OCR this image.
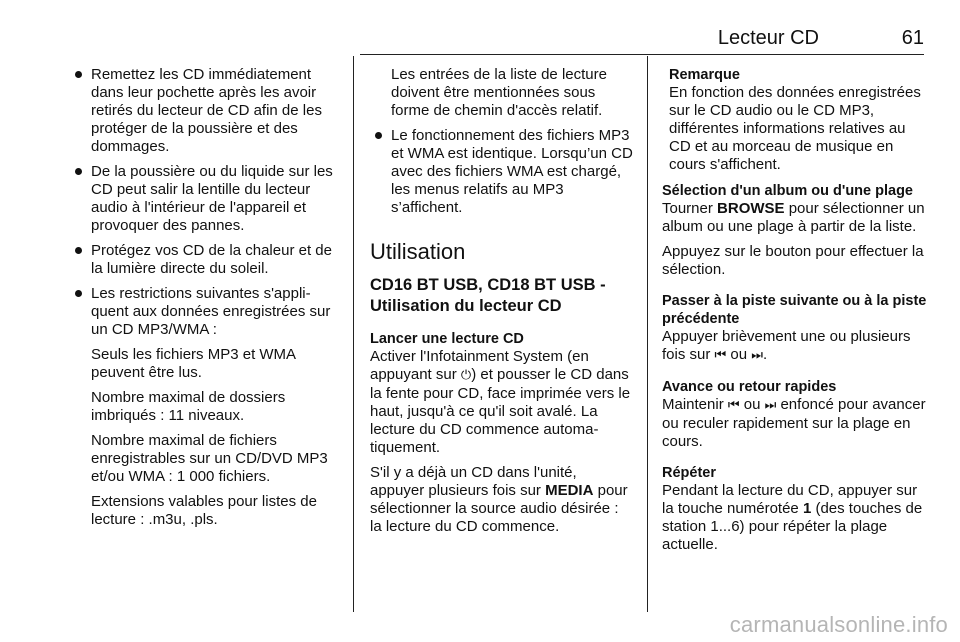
Lecteur CD	61
Remettez les CD immédiatement dans leur pochette après les avoir retirés du lecteur de CD afin de les protéger de la poussière et des dommages.
De la poussière ou du liquide sur les CD peut salir la lentille du lecteur audio à l'intérieur de l'appareil et provoquer des pannes.
Protégez vos CD de la chaleur et de la lumière directe du soleil.
Les restrictions suivantes s'appliquent aux données enregistrées sur un CD MP3/WMA :
Seuls les fichiers MP3 et WMA peuvent être lus.
Nombre maximal de dossiers imbriqués : 11 niveaux.
Nombre maximal de fichiers enregistrables sur un CD/DVD MP3 et/ou WMA : 1 000 fichiers.
Extensions valables pour listes de lecture : .m3u, .pls.
Les entrées de la liste de lecture doivent être mentionnées sous forme de chemin d'accès relatif.
Le fonctionnement des fichiers MP3 et WMA est identique. Lorsqu’un CD avec des fichiers WMA est chargé, les menus relatifs au MP3 s’affichent.
Utilisation
CD16 BT USB, CD18 BT USB - Utilisation du lecteur CD
Lancer une lecture CD
Activer l'Infotainment System (en appuyant sur ⏻) et pousser le CD dans la fente pour CD, face imprimée vers le haut, jusqu'à ce qu'il soit avalé. La lecture du CD commence automatiquement.
S'il y a déjà un CD dans l'unité, appuyer plusieurs fois sur MEDIA pour sélectionner la source audio désirée : la lecture du CD commence.
Remarque
En fonction des données enregistrées sur le CD audio ou le CD MP3, différentes informations relatives au CD et au morceau de musique en cours s'affichent.
Sélection d'un album ou d'une plage
Tourner BROWSE pour sélectionner un album ou une plage à partir de la liste.
Appuyez sur le bouton pour effectuer la sélection.
Passer à la piste suivante ou à la piste précédente
Appuyer brièvement une ou plusieurs fois sur ⏮ ou ⏭.
Avance ou retour rapides
Maintenir ⏮ ou ⏭ enfoncé pour avancer ou reculer rapidement sur la plage en cours.
Répéter
Pendant la lecture du CD, appuyer sur la touche numérotée 1 (des touches de station 1...6) pour répéter la plage actuelle.
carmanualsonline.info
